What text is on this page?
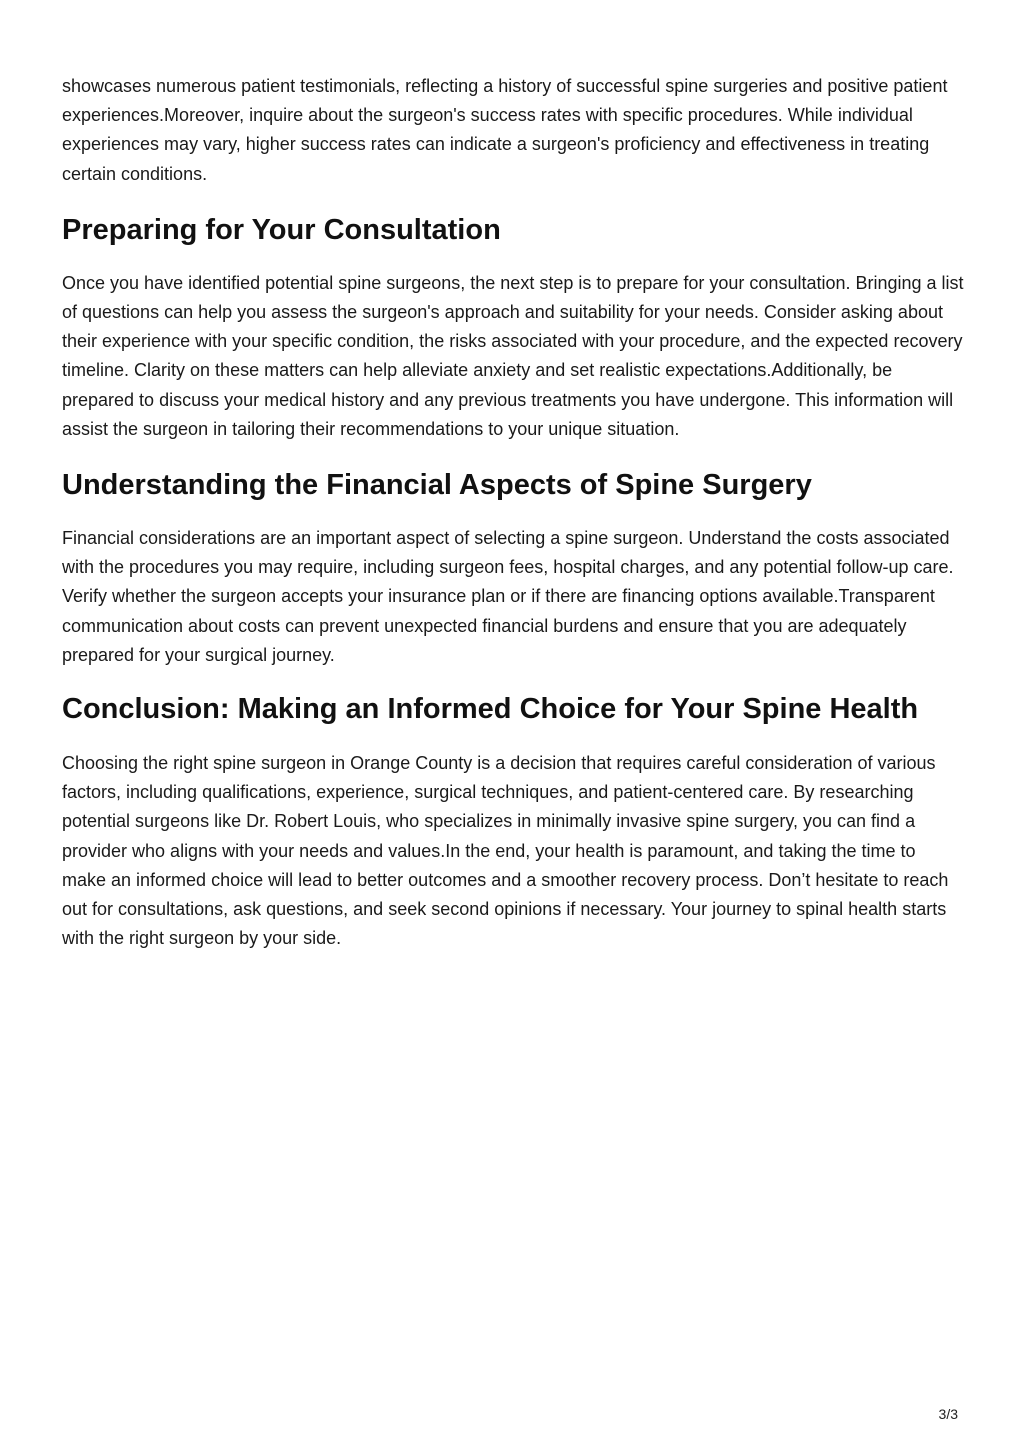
showcases numerous patient testimonials, reflecting a history of successful spine surgeries and positive patient experiences.Moreover, inquire about the surgeon's success rates with specific procedures. While individual experiences may vary, higher success rates can indicate a surgeon's proficiency and effectiveness in treating certain conditions.

Preparing for Your Consultation

Once you have identified potential spine surgeons, the next step is to prepare for your consultation. Bringing a list of questions can help you assess the surgeon's approach and suitability for your needs. Consider asking about their experience with your specific condition, the risks associated with your procedure, and the expected recovery timeline. Clarity on these matters can help alleviate anxiety and set realistic expectations.Additionally, be prepared to discuss your medical history and any previous treatments you have undergone. This information will assist the surgeon in tailoring their recommendations to your unique situation.

Understanding the Financial Aspects of Spine Surgery

Financial considerations are an important aspect of selecting a spine surgeon. Understand the costs associated with the procedures you may require, including surgeon fees, hospital charges, and any potential follow-up care. Verify whether the surgeon accepts your insurance plan or if there are financing options available.Transparent communication about costs can prevent unexpected financial burdens and ensure that you are adequately prepared for your surgical journey.

Conclusion: Making an Informed Choice for Your Spine Health

Choosing the right spine surgeon in Orange County is a decision that requires careful consideration of various factors, including qualifications, experience, surgical techniques, and patient-centered care. By researching potential surgeons like Dr. Robert Louis, who specializes in minimally invasive spine surgery, you can find a provider who aligns with your needs and values.In the end, your health is paramount, and taking the time to make an informed choice will lead to better outcomes and a smoother recovery process. Don’t hesitate to reach out for consultations, ask questions, and seek second opinions if necessary. Your journey to spinal health starts with the right surgeon by your side.

3/3
